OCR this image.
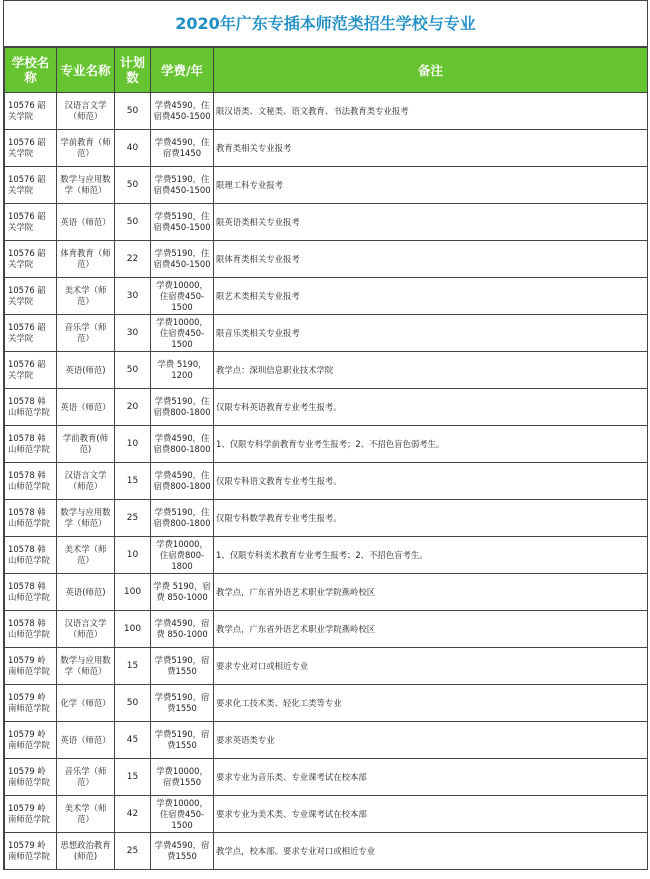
2020年广东专插本师范类招生学校与专业
学校名称	专业名称	计划数	学费/年	备注
10576 韶关学院	汉语言文学（师范）	50	学费4590，住宿费450-1500	限汉语类、文秘类、语文教育、书法教育类专业报考
10576 韶关学院	学前教育（师范）	40	学费4590，住宿费1450	教育类相关专业报考
10576 韶关学院	数学与应用数学（师范）	50	学费5190，住宿费450-1500	限理工科专业报考
10576 韶关学院	英语（师范）	50	学费5190，住宿费450-1500	限英语类相关专业报考
10576 韶关学院	体育教育（师范）	22	学费5190，住宿费450-1500	限体育类相关专业报考
10576 韶关学院	美术学（师范）	30	学费10000，住宿费450-1500	限艺术类相关专业报考
10576 韶关学院	音乐学（师范）	30	学费10000，住宿费450-1500	限音乐类相关专业报考
10576 韶关学院	英语(师范)	50	学费 5190，1200	教学点：深圳信息职业技术学院
10578 韩山师范学院	英语（师范）	20	学费5190，住宿费800-1800	仅限专科英语教育专业考生报考。
10578 韩山师范学院	学前教育(师范)	10	学费4590，住宿费800-1800	1、仅限专科学前教育专业考生报考；2、不招色盲色弱考生。
10578 韩山师范学院	汉语言文学（师范）	15	学费4590，住宿费800-1800	仅限专科语文教育专业考生报考。
10578 韩山师范学院	数学与应用数学（师范）	25	学费5190，住宿费800-1800	仅限专科数学教育专业考生报考。
10578 韩山师范学院	美术学（师范）	10	学费10000，住宿费800-1800	1、仅限专科美术教育专业考生报考；2、不招色盲考生。
10578 韩山师范学院	英语(师范)	100	学费 5190，宿费 850-1000	教学点，广东省外语艺术职业学院燕岭校区
10578 韩山师范学院	汉语言文学（师范）	100	学费4590，宿费 850-1000	教学点，广东省外语艺术职业学院燕岭校区
10579 岭南师范学院	数学与应用数学（师范）	15	学费5190，宿费1550	要求专业对口或相近专业
10579 岭南师范学院	化学（师范）	50	学费5190，宿费1550	要求化工技术类、轻化工类等专业
10579 岭南师范学院	英语（师范）	45	学费5190，宿费1550	要求英语类专业
10579 岭南师范学院	音乐学（师范）	15	学费10000，宿费1550	要求专业为音乐类、专业课考试在校本部
10579 岭南师范学院	美术学（师范）	42	学费10000，住宿费450-1500	要求专业为美术类、专业课考试在校本部
10579 岭南师范学院	思想政治教育(师范)	25	学费4590，宿费1550	教学点，校本部。要求专业对口或相近专业
